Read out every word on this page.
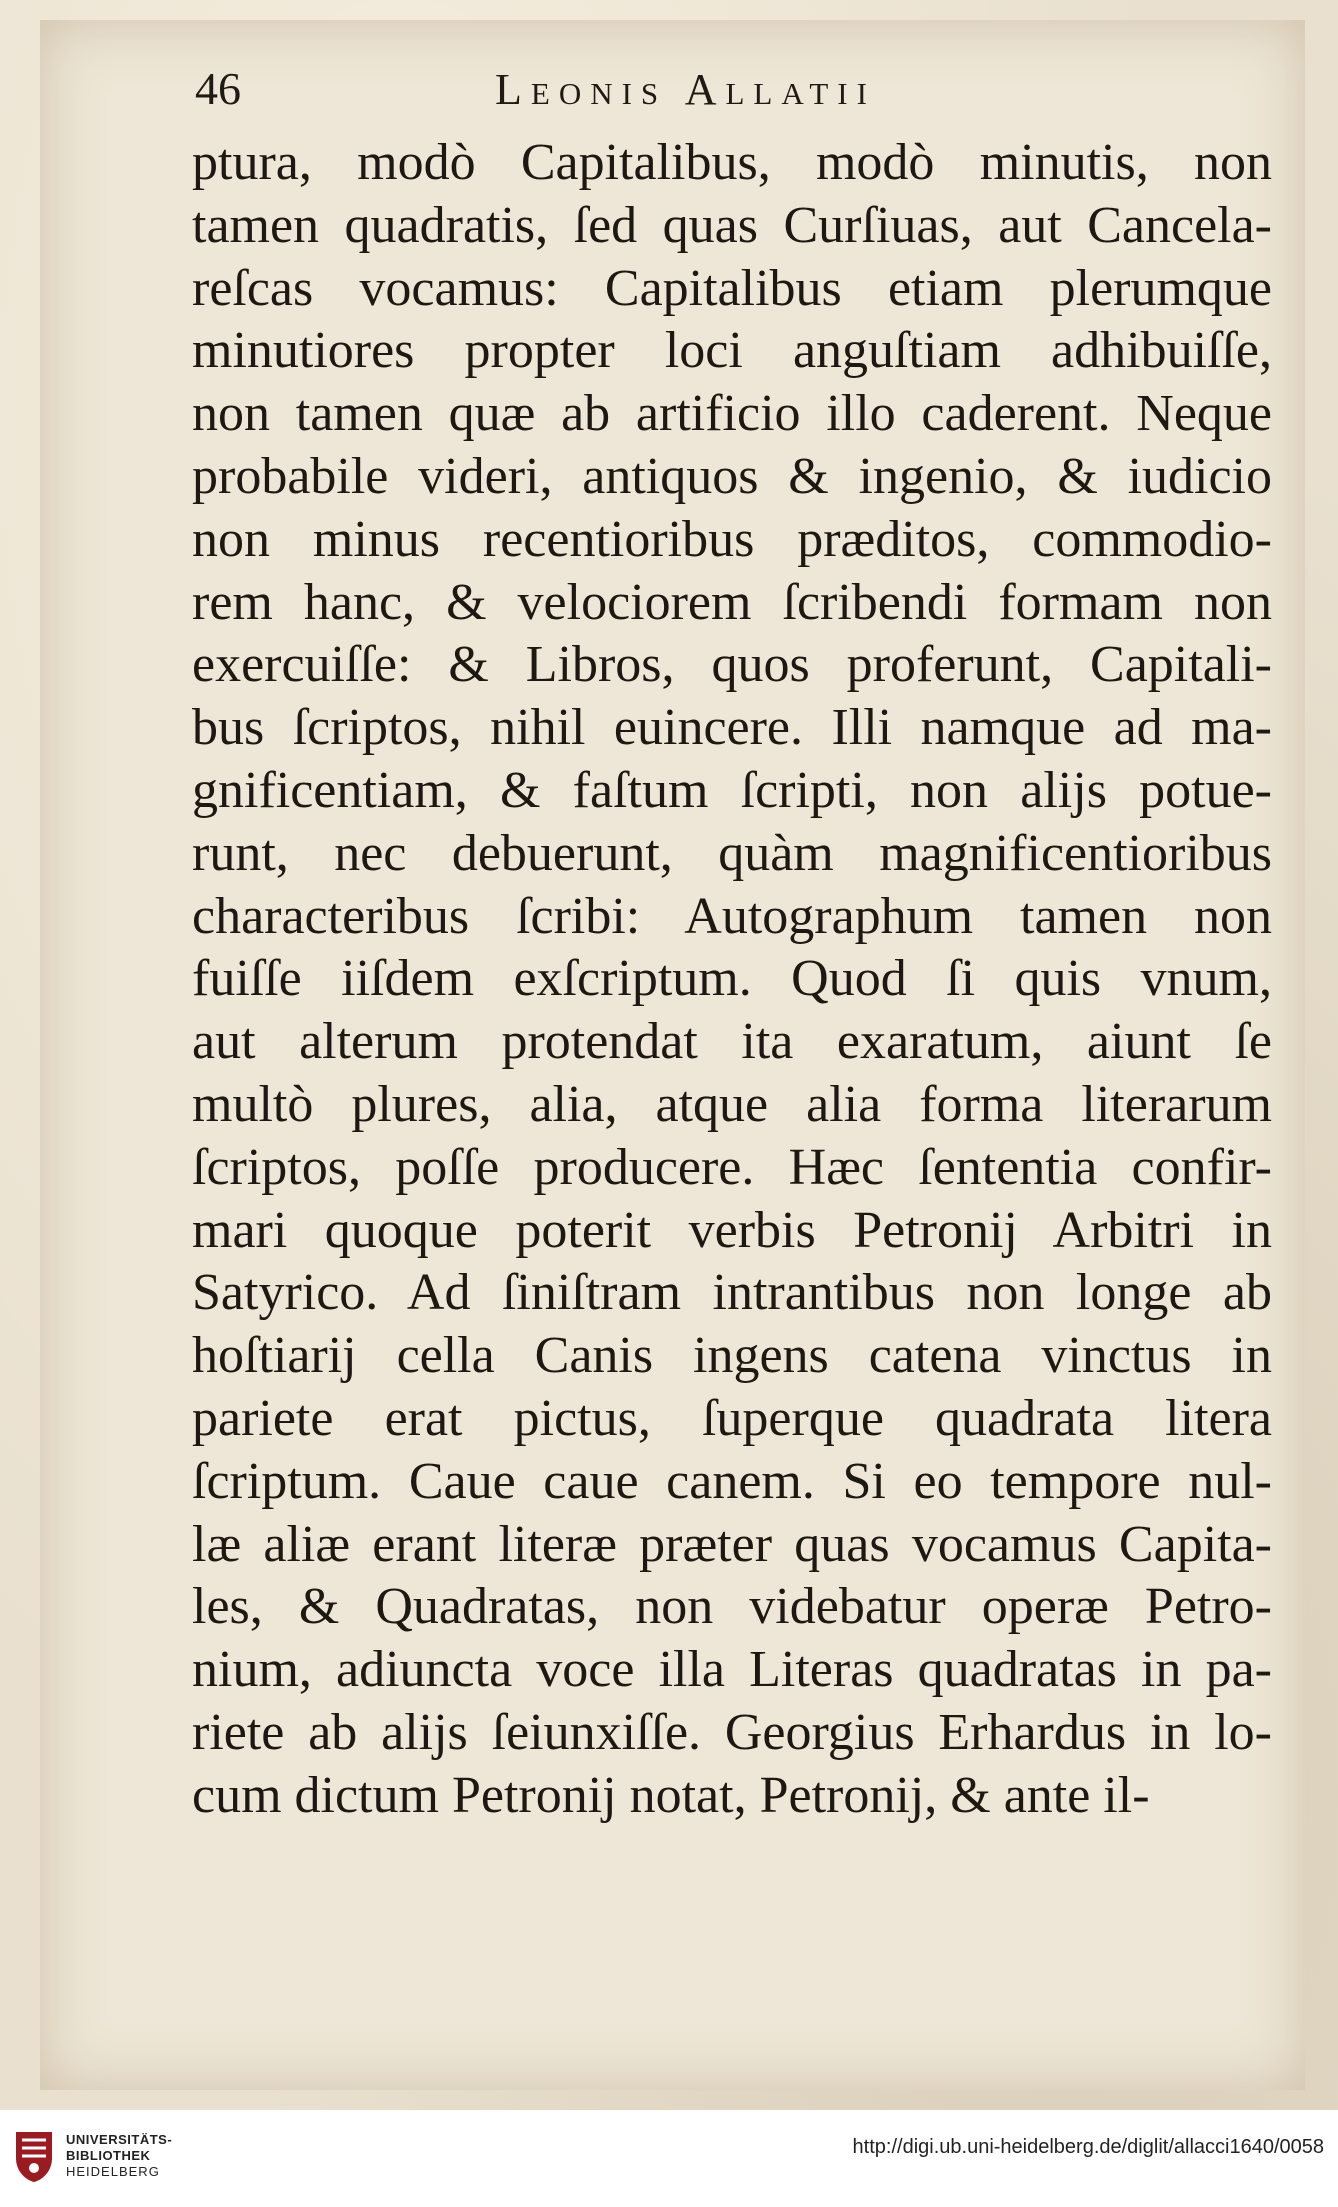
46	Leonis Allatii
ptura, modò Capitalibus, modò minutis, non
tamen quadratis, ſed quas Curſiuas, aut Cancela-
reſcas vocamus: Capitalibus etiam plerumque
minutiores propter loci anguſtiam adhibuiſſe,
non tamen quæ ab artificio illo caderent. Neque
probabile videri, antiquos & ingenio, & iudicio
non minus recentioribus præditos, commodio-
rem hanc, & velociorem ſcribendi formam non
exercuiſſe: & Libros, quos proferunt, Capitali-
bus ſcriptos, nihil euincere. Illi namque ad ma-
gnificentiam, & faſtum ſcripti, non alijs potue-
runt, nec debuerunt, quàm magnificentioribus
characteribus ſcribi: Autographum tamen non
fuiſſe iiſdem exſcriptum. Quod ſi quis vnum,
aut alterum protendat ita exaratum, aiunt ſe
multò plures, alia, atque alia forma literarum
ſcriptos, poſſe producere. Hæc ſententia confir-
mari quoque poterit verbis Petronij Arbitri in
Satyrico. Ad ſiniſtram intrantibus non longe ab
hoſtiarij cella Canis ingens catena vinctus in
pariete erat pictus, ſuperque quadrata litera
ſcriptum. Caue caue canem. Si eo tempore nul-
læ aliæ erant literæ præter quas vocamus Capita-
les, & Quadratas, non videbatur operæ Petro-
nium, adiuncta voce illa Literas quadratas in pa-
riete ab alijs ſeiunxiſſe. Georgius Erhardus in lo-
cum dictum Petronij notat, Petronij, & ante il-
UNIVERSITÄTS-
BIBLIOTHEK
HEIDELBERG
http://digi.ub.uni-heidelberg.de/diglit/allacci1640/0058
